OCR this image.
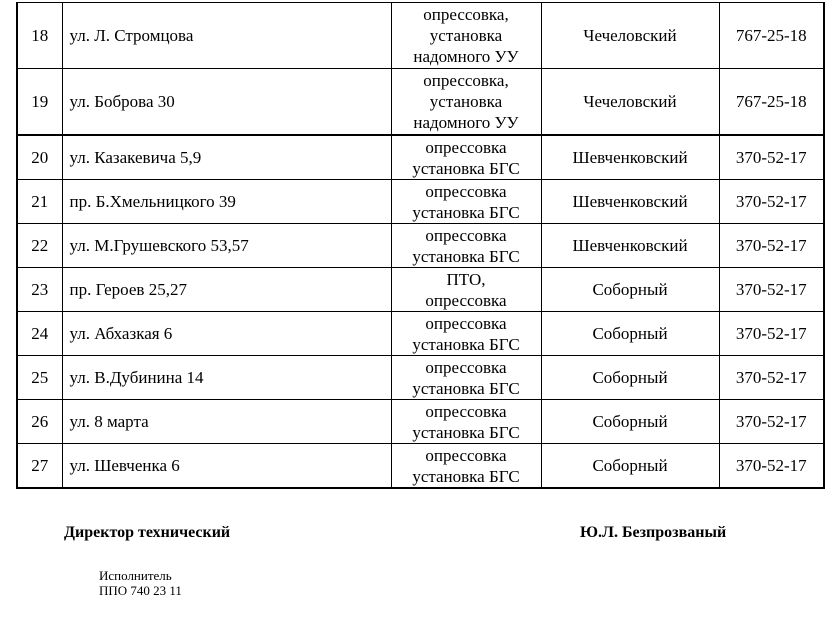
18	ул. Л. Стромцова	опрессовка,
установка
надомного УУ	Чечеловский	767-25-18
19	ул. Боброва 30	опрессовка,
установка
надомного УУ	Чечеловский	767-25-18
20	ул. Казакевича 5,9	опрессовка
установка БГС	Шевченковский	370-52-17
21	пр. Б.Хмельницкого 39	опрессовка
установка БГС	Шевченковский	370-52-17
22	ул. М.Грушевского 53,57	опрессовка
установка БГС	Шевченковский	370-52-17
23	пр. Героев 25,27	ПТО,
опрессовка	Соборный	370-52-17
24	ул. Абхазкая 6	опрессовка
установка БГС	Соборный	370-52-17
25	ул. В.Дубинина 14	опрессовка
установка БГС	Соборный	370-52-17
26	ул. 8 марта	опрессовка
установка БГС	Соборный	370-52-17
27	ул. Шевченка 6	опрессовка
установка БГС	Соборный	370-52-17
Директор технический	Ю.Л. Безпрозваный
Исполнитель
ППО 740 23 11
